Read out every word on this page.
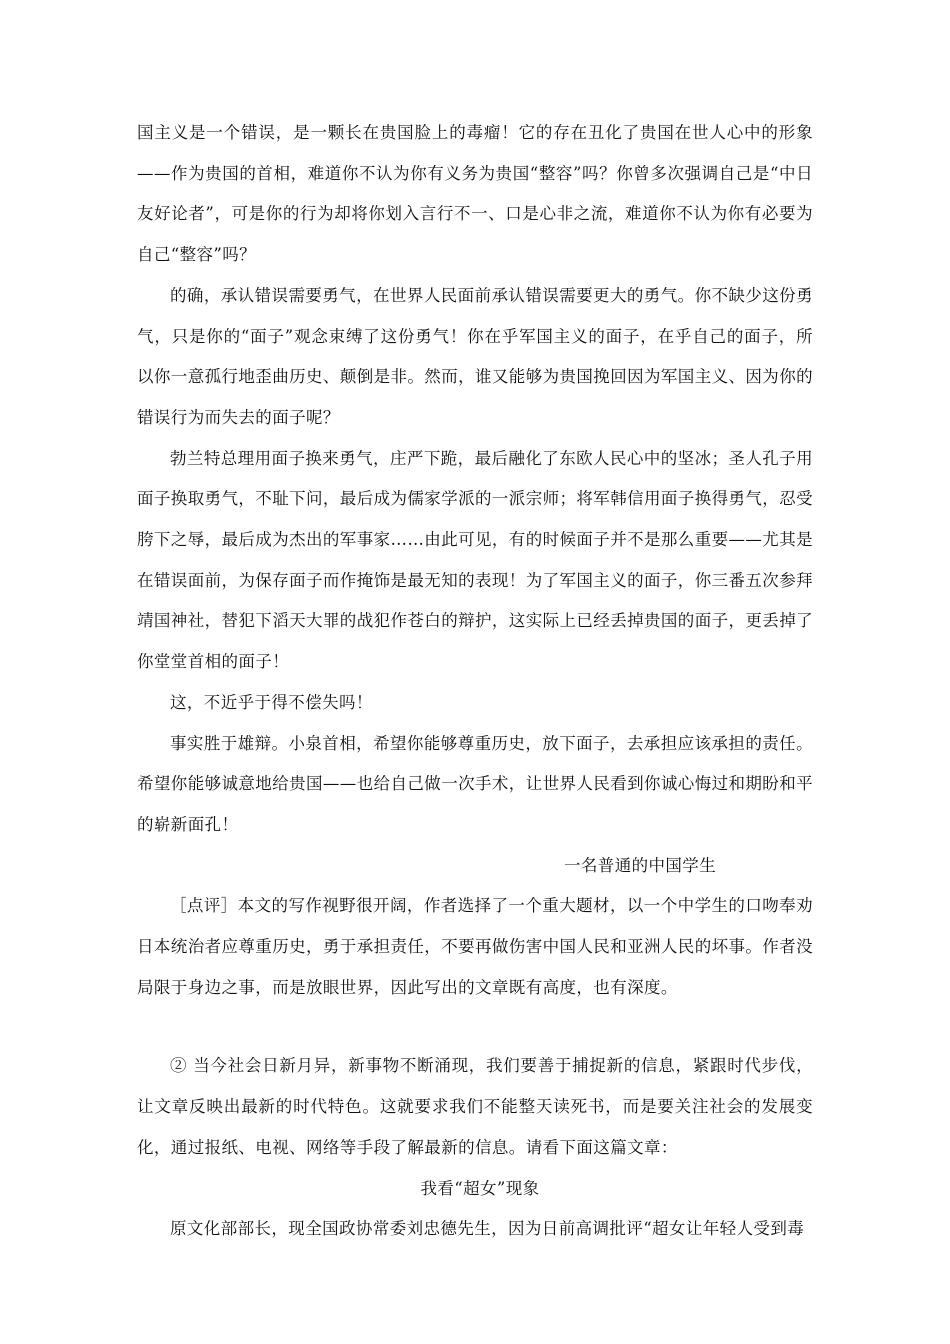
国主义是一个错误，是一颗长在贵国脸上的毒瘤！它的存在丑化了贵国在世人心中的形象——作为贵国的首相，难道你不认为你有义务为贵国“整容”吗？你曾多次强调自己是“中日友好论者”，可是你的行为却将你划入言行不一、口是心非之流，难道你不认为你有必要为自己“整容”吗？

的确，承认错误需要勇气，在世界人民面前承认错误需要更大的勇气。你不缺少这份勇气，只是你的“面子”观念束缚了这份勇气！你在乎军国主义的面子，在乎自己的面子，所以你一意孤行地歪曲历史、颠倒是非。然而，谁又能够为贵国挽回因为军国主义、因为你的错误行为而失去的面子呢？

勃兰特总理用面子换来勇气，庄严下跪，最后融化了东欧人民心中的坚冰；圣人孔子用面子换取勇气，不耻下问，最后成为儒家学派的一派宗师；将军韩信用面子换得勇气，忍受胯下之辱，最后成为杰出的军事家……由此可见，有的时候面子并不是那么重要——尤其是在错误面前，为保存面子而作掩饰是最无知的表现！为了军国主义的面子，你三番五次参拜靖国神社，替犯下滔天大罪的战犯作苍白的辩护，这实际上已经丢掉贵国的面子，更丢掉了你堂堂首相的面子！

这，不近乎于得不偿失吗！

事实胜于雄辩。小泉首相，希望你能够尊重历史，放下面子，去承担应该承担的责任。希望你能够诚意地给贵国——也给自己做一次手术，让世界人民看到你诚心悔过和期盼和平的崭新面孔！

一名普通的中国学生

［点评］本文的写作视野很开阔，作者选择了一个重大题材，以一个中学生的口吻奉劝日本统治者应尊重历史，勇于承担责任，不要再做伤害中国人民和亚洲人民的坏事。作者没局限于身边之事，而是放眼世界，因此写出的文章既有高度，也有深度。

② 当今社会日新月异，新事物不断涌现，我们要善于捕捉新的信息，紧跟时代步伐，让文章反映出最新的时代特色。这就要求我们不能整天读死书，而是要关注社会的发展变化，通过报纸、电视、网络等手段了解最新的信息。请看下面这篇文章：

我看“超女”现象

原文化部部长，现全国政协常委刘忠德先生，因为日前高调批评“超女让年轻人受到毒
